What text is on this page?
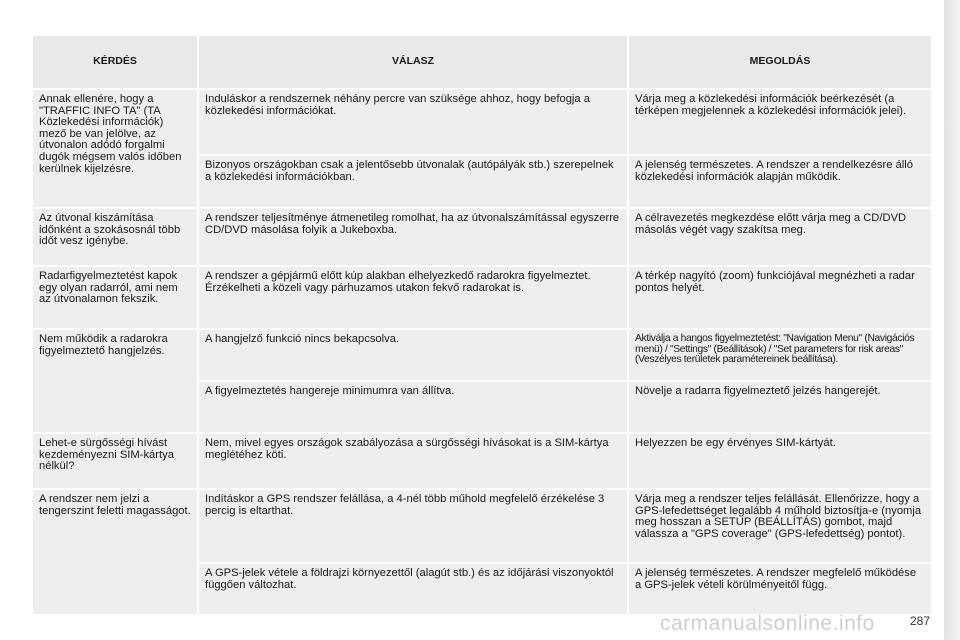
KÉRDÉS	VÁLASZ	MEGOLDÁS
Annak ellenére, hogy a "TRAFFIC INFO TA" (TA Közlekedési információk) mező be van jelölve, az útvonalon adódó forgalmi dugók mégsem valós időben kerülnek kijelzésre.	Induláskor a rendszernek néhány percre van szüksége ahhoz, hogy befogja a közlekedési információkat.	Várja meg a közlekedési információk beérkezését (a térképen megjelennek a közlekedési információk jelei).
	Bizonyos országokban csak a jelentősebb útvonalak (autópályák stb.) szerepelnek a közlekedési információkban.	A jelenség természetes. A rendszer a rendelkezésre álló közlekedési információk alapján működik.
Az útvonal kiszámítása időnként a szokásosnál több időt vesz igénybe.	A rendszer teljesítménye átmenetileg romolhat, ha az útvonalszámítással egyszerre CD/DVD másolása folyik a Jukeboxba.	A célravezetés megkezdése előtt várja meg a CD/DVD másolás végét vagy szakítsa meg.
Radarfigyelmeztetést kapok egy olyan radarról, ami nem az útvonalamon fekszik.	A rendszer a gépjármű előtt kúp alakban elhelyezkedő radarokra figyelmeztet. Érzékelheti a közeli vagy párhuzamos utakon fekvő radarokat is.	A térkép nagyító (zoom) funkciójával megnézheti a radar pontos helyét.
Nem működik a radarokra figyelmeztető hangjelzés.	A hangjelző funkció nincs bekapcsolva.	Aktiválja a hangos figyelmeztetést: "Navigation Menu" (Navigációs menü) / "Settings" (Beállítások) / "Set parameters for risk areas" (Veszélyes területek paramétereinek beállítása).
	A figyelmeztetés hangereje minimumra van állítva.	Növelje a radarra figyelmeztető jelzés hangerejét.
Lehet-e sürgősségi hívást kezdeményezni SIM-kártya nélkül?	Nem, mivel egyes országok szabályozása a sürgősségi hívásokat is a SIM-kártya meglétéhez köti.	Helyezzen be egy érvényes SIM-kártyát.
A rendszer nem jelzi a tengerszint feletti magasságot.	Indításkor a GPS rendszer felállása, a 4-nél több műhold megfelelő érzékelése 3 percig is eltarthat.	Várja meg a rendszer teljes felállását. Ellenőrizze, hogy a GPS-lefedettséget legalább 4 műhold biztosítja-e (nyomja meg hosszan a SETUP (BEÁLLÍTÁS) gombot, majd válassza a "GPS coverage" (GPS-lefedettség) pontot).
	A GPS-jelek vétele a földrajzi környezettől (alagút stb.) és az időjárási viszonyoktól függően változhat.	A jelenség természetes. A rendszer megfelelő működése a GPS-jelek vételi körülményeitől függ.
carmanualsonline.info	287
